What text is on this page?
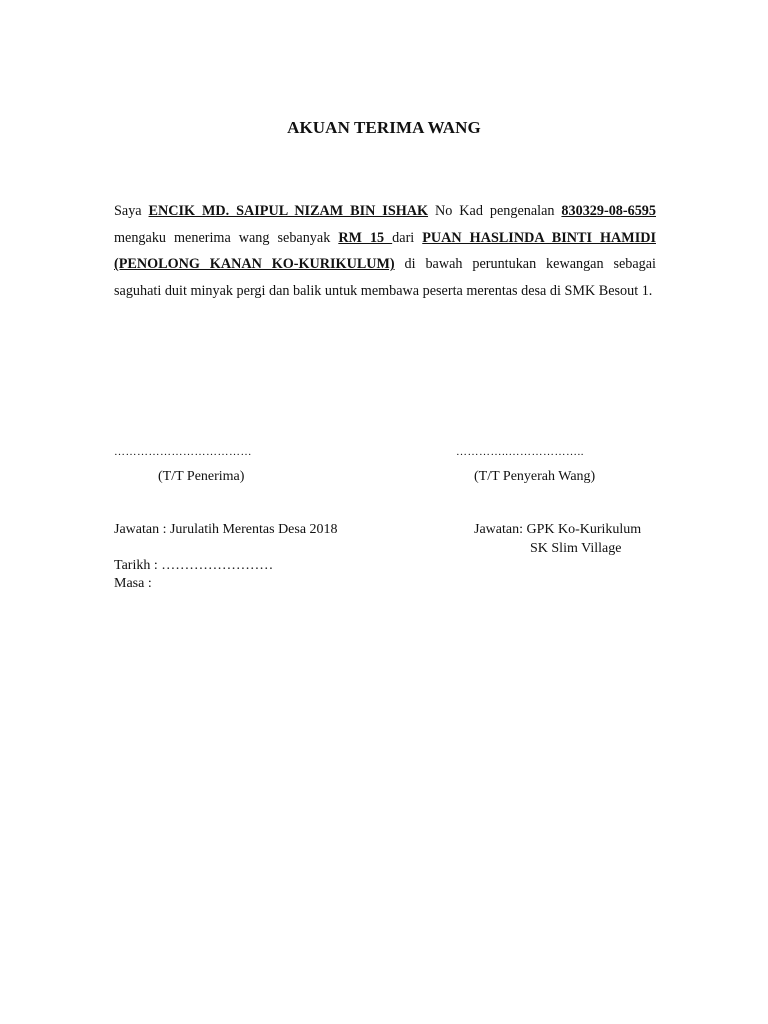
AKUAN TERIMA WANG
Saya ENCIK MD. SAIPUL NIZAM BIN ISHAK No Kad pengenalan 830329-08-6595 mengaku menerima wang sebanyak RM 15 dari PUAN HASLINDA BINTI HAMIDI (PENOLONG KANAN KO-KURIKULUM) di bawah peruntukan kewangan sebagai saguhati duit minyak pergi dan balik untuk membawa peserta merentas desa di SMK Besout 1.
………………………………	…………..………………..
(T/T Penerima)	(T/T Penyerah Wang)
Jawatan : Jurulatih Merentas Desa 2018	Jawatan: GPK Ko-Kurikulum
SK Slim Village
Tarikh : ……………………
Masa :
